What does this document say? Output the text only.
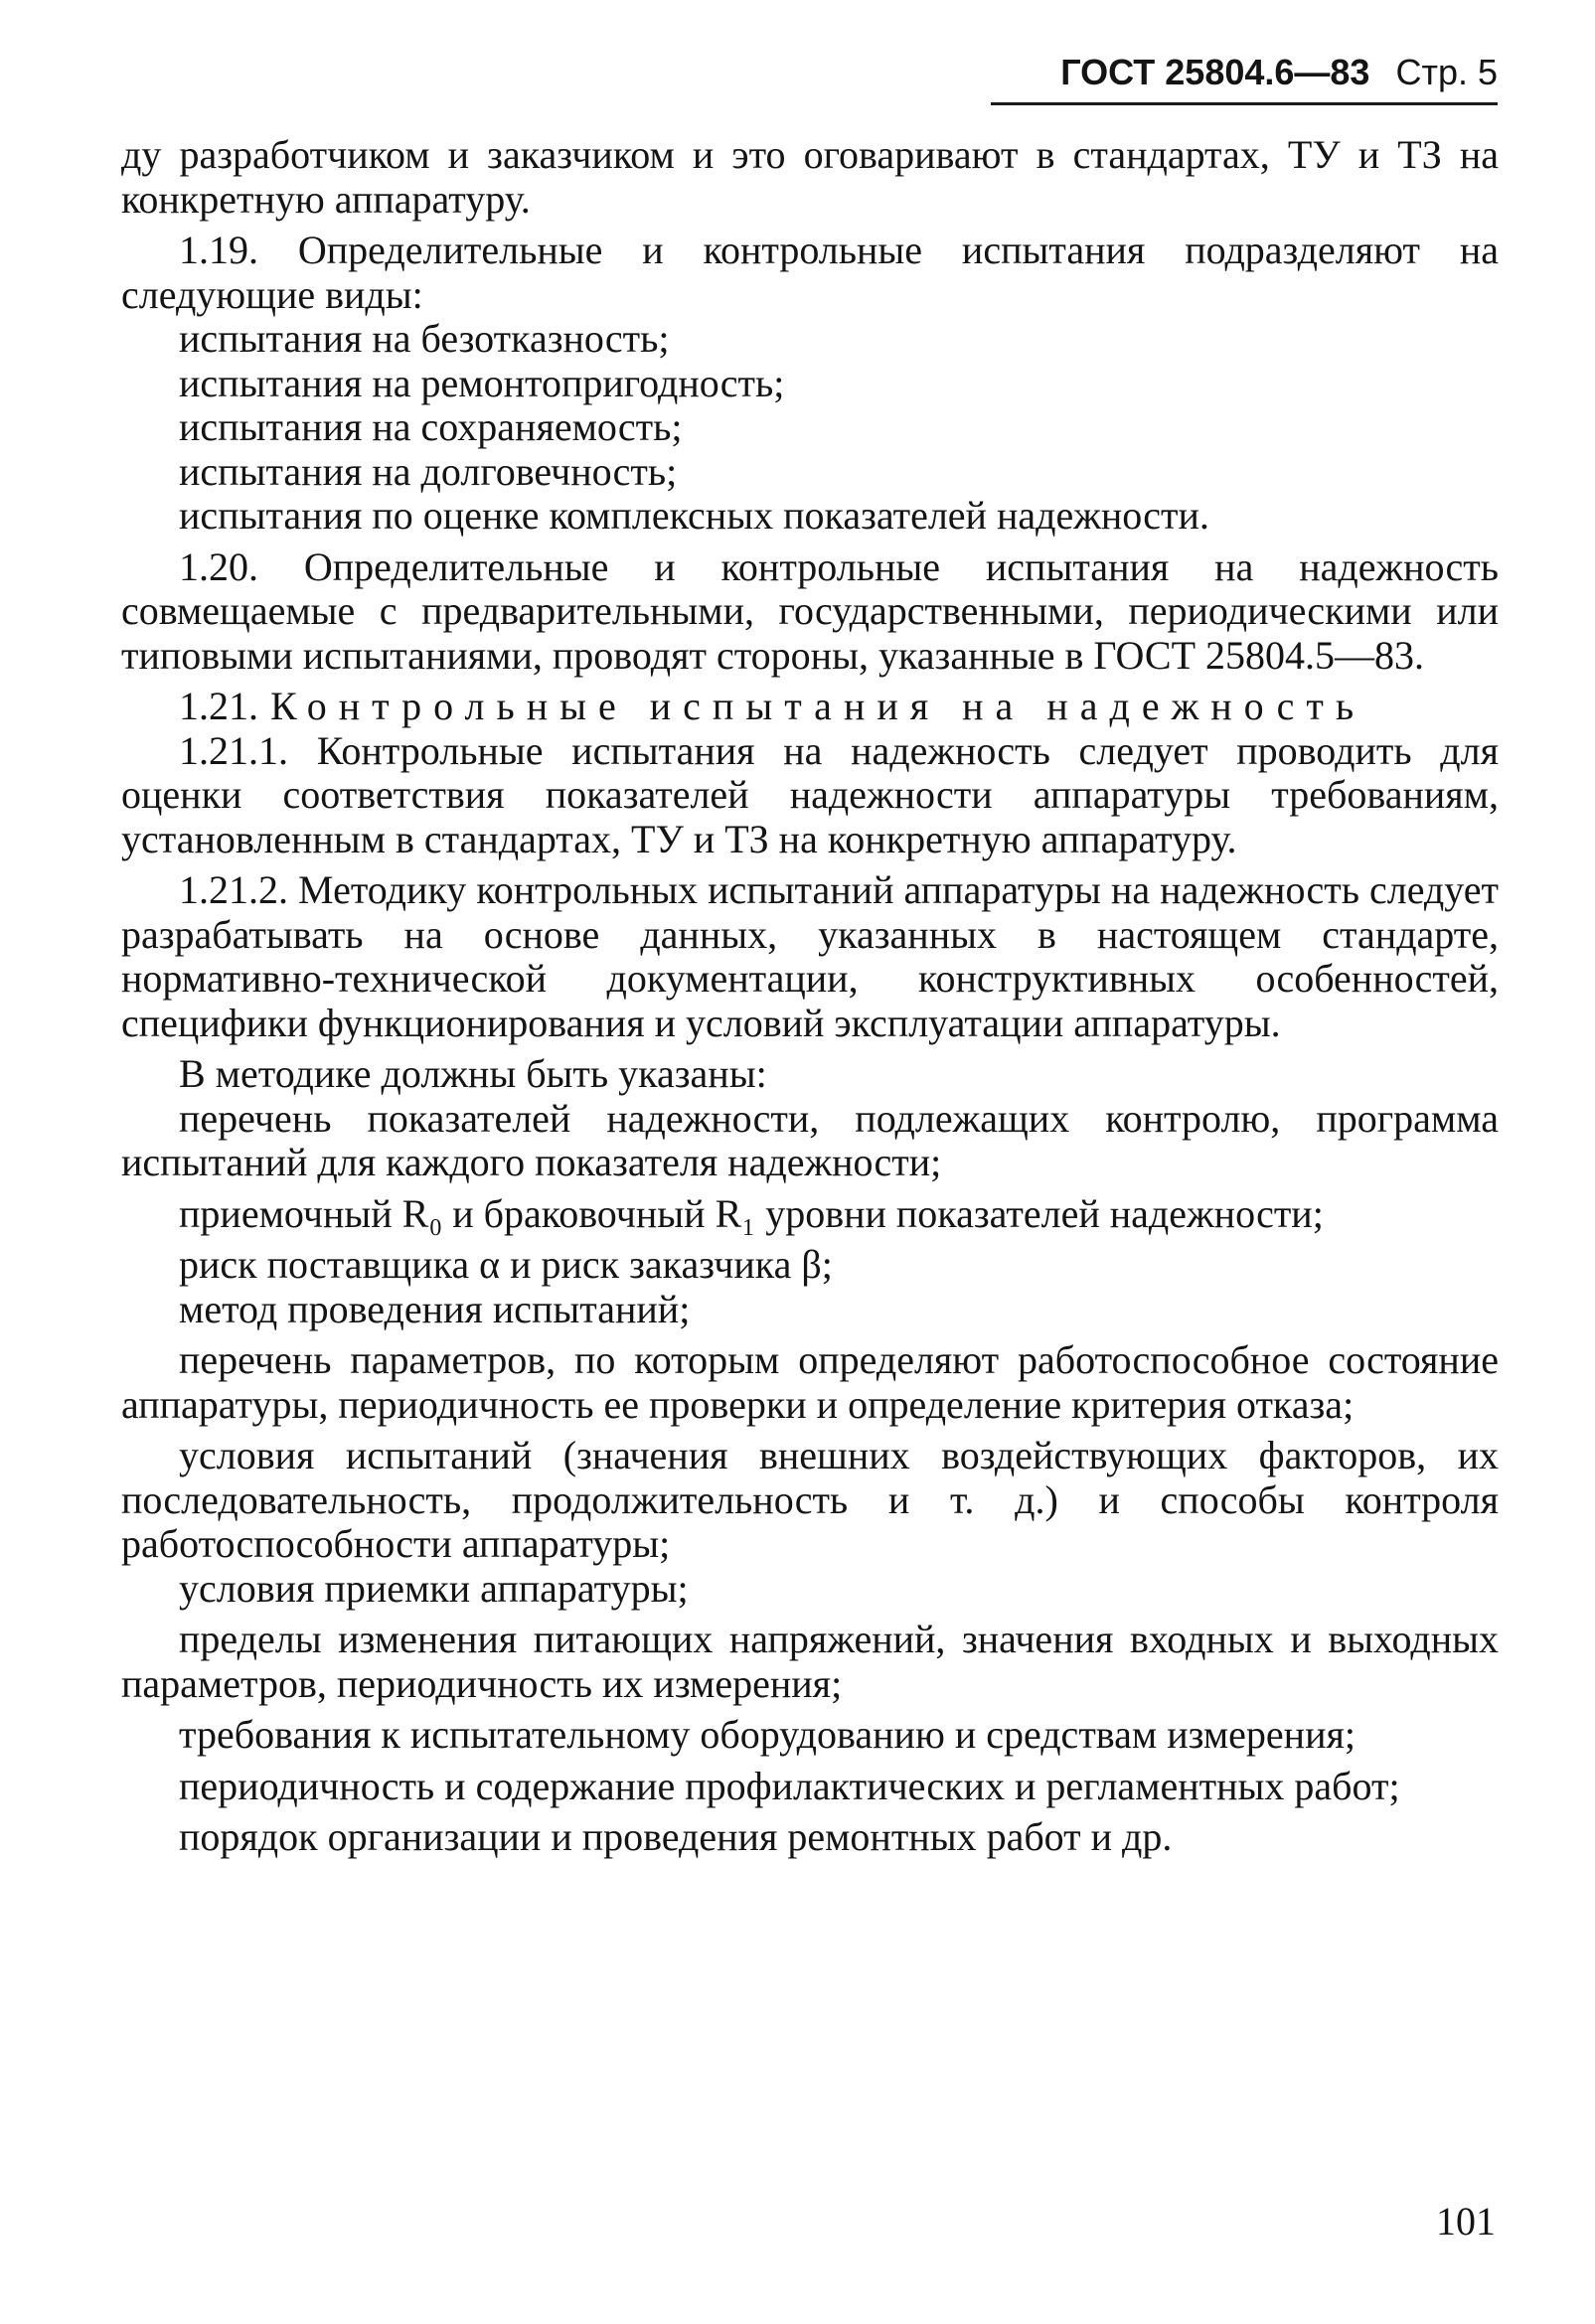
ГОСТ 25804.6—83 Стр. 5

ду разработчиком и заказчиком и это оговаривают в стандартах, ТУ и ТЗ на конкретную аппаратуру.

1.19. Определительные и контрольные испытания подразделяют на следующие виды:

испытания на безотказность;

испытания на ремонтопригодность;

испытания на сохраняемость;

испытания на долговечность;

испытания по оценке комплексных показателей надежности.

1.20. Определительные и контрольные испытания на надежность совмещаемые с предварительными, государственными, периодическими или типовыми испытаниями, проводят стороны, указанные в ГОСТ 25804.5—83.

1.21. Контрольные испытания на надежность

1.21.1. Контрольные испытания на надежность следует проводить для оценки соответствия показателей надежности аппаратуры требованиям, установленным в стандартах, ТУ и ТЗ на конкретную аппаратуру.

1.21.2. Методику контрольных испытаний аппаратуры на надежность следует разрабатывать на основе данных, указанных в настоящем стандарте, нормативно-технической документации, конструктивных особенностей, специфики функционирования и условий эксплуатации аппаратуры.

В методике должны быть указаны:

перечень показателей надежности, подлежащих контролю, программа испытаний для каждого показателя надежности;

приемочный R₀ и браковочный R₁ уровни показателей надежности;

риск поставщика α и риск заказчика β;

метод проведения испытаний;

перечень параметров, по которым определяют работоспособное состояние аппаратуры, периодичность ее проверки и определение критерия отказа;

условия испытаний (значения внешних воздействующих факторов, их последовательность, продолжительность и т. д.) и способы контроля работоспособности аппаратуры;

условия приемки аппаратуры;

пределы изменения питающих напряжений, значения входных и выходных параметров, периодичность их измерения;

требования к испытательному оборудованию и средствам измерения;

периодичность и содержание профилактических и регламентных работ;

порядок организации и проведения ремонтных работ и др.

101
